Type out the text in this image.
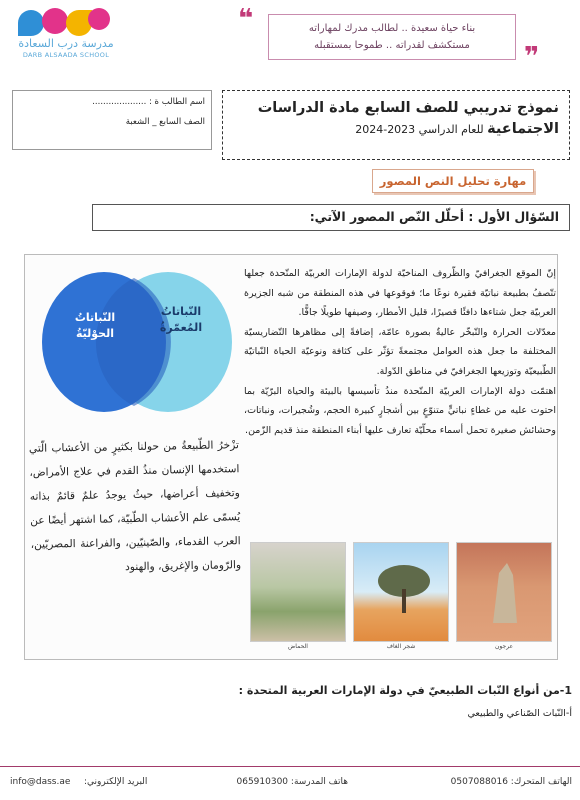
مدرسة درب السعادة
DARB ALSAADA SCHOOL
❝	بناء حياة سعيدة .. لطالب مدرك لمهاراته
مستكشف لقدراته .. طموحا بمستقبله	❞
اسم الطالب ة : ....................
الصف السابع _ الشعبة
نموذج تدريبي للصف السابع مادة الدراسات
الاجتماعية للعام الدراسي 2023-2024
مهارة تحليل النص المصور
السّؤال الأول : أحلّل النّص المصور الآتي:
النّباتاتُ الحوْليّةُ
النّباتاتُ المُعمّرةُ
تزْخرُ الطّبيعةُ من حولنا بكثيرٍ من الأعشاب الّتي استخدمها الإنسان منذُ القدم في علاج الأمراض، وتخفيف أعراضها، حيثُ يوجدُ علمٌ قائمٌ بذاته يُسمّى علم الأعشاب الطّبيّة، كما اشتهر أيضًا عن العرب القدماء، والصّينيّين، والفراعنة المصريّين، والرّومان والإغريق، والهنود

إنّ الموقع الجغرافيّ والظّروف المناخيّة لدولة الإمارات العربيّة المتّحدة جعلها تتّصفُ بطبيعة نباتيّة فقيرة نوعًا ما؛ فوقوعها في هذه المنطقة من شبه الجزيرة العربيّة جعل شتاءها دافئًا قصيرًا، قليل الأمطار، وصيفها طويلًا جافًّا.

معدّلات الحرارة والتّبخّر عاليةٌ بصورة عامّة، إضافةً إلى مظاهرها التّضاريسيّة المختلفة ما جعل هذه العوامل مجتمعةً تؤثّر على كثافة ونوعيّة الحياة النّباتيّة الطّبيعيّة وتوزيعها الجغرافيّ في مناطق الدّولة.

اهتمّت دولة الإمارات العربيّة المتّحدة منذُ تأسيسها بالبيئة والحياة البرّيّة بما احتوت عليه من غطاءٍ نباتيٍّ متنوّعٍ بين أشجارٍ كبيرة الحجم، وشُجيرات، ونباتات، وحشائش صغيرة تحمل أسماء محلّيّة تعارف عليها أبناء المنطقة منذ قديم الزّمن.

الحماض	شجر الغاف	عرجون
1-من أنواع النّبات الطبيعيّ في دولة الإمارات العربية المتحدة :
أ-النّبات الصّناعي والطبيعي
الهاتف المتحرك: 0507088016
هاتف المدرسة: 065910300
البريد الإلكتروني:
info@dass.ae
